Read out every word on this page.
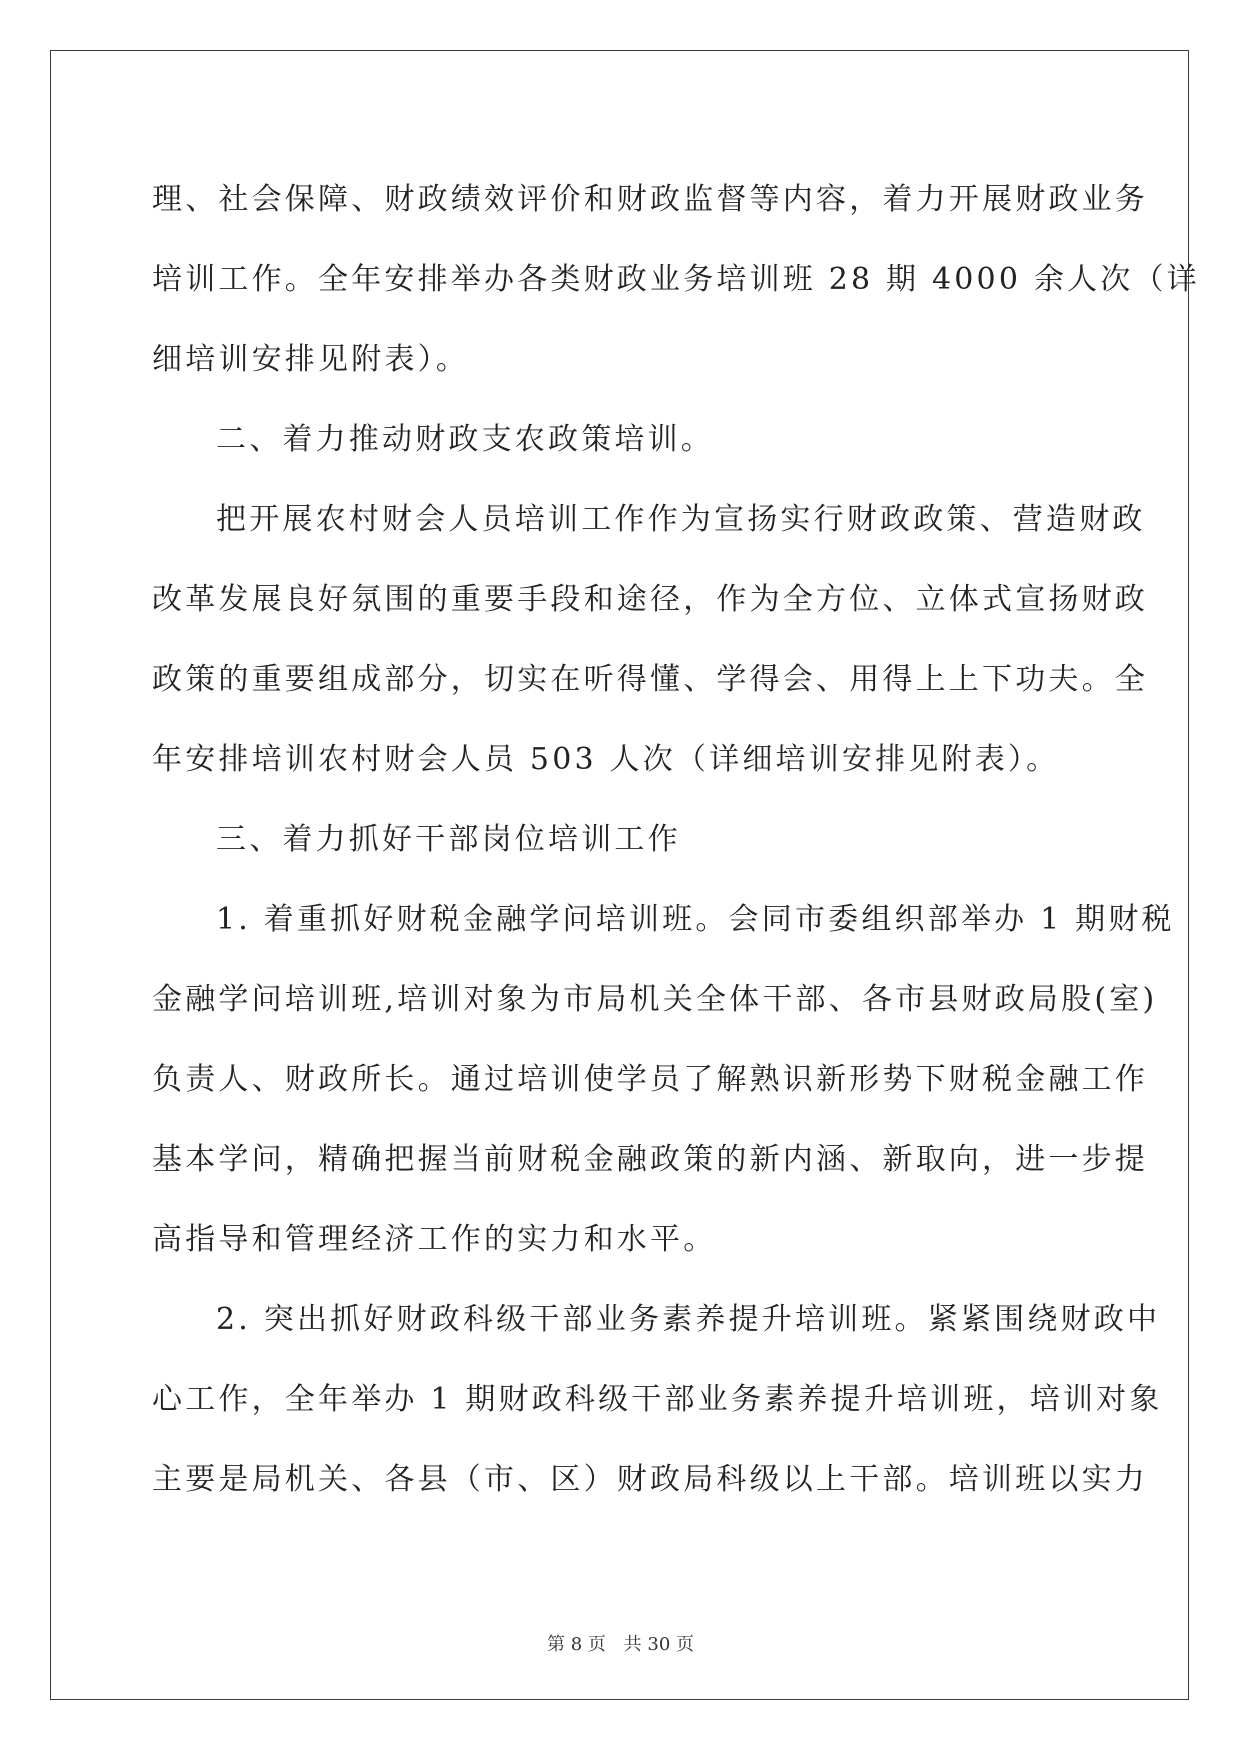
理、社会保障、财政绩效评价和财政监督等内容，着力开展财政业务
培训工作。全年安排举办各类财政业务培训班 28 期 4000 余人次（详
细培训安排见附表）。
二、着力推动财政支农政策培训。
把开展农村财会人员培训工作作为宣扬实行财政政策、营造财政
改革发展良好氛围的重要手段和途径，作为全方位、立体式宣扬财政
政策的重要组成部分，切实在听得懂、学得会、用得上上下功夫。全
年安排培训农村财会人员 503 人次（详细培训安排见附表）。
三、着力抓好干部岗位培训工作
1. 着重抓好财税金融学问培训班。会同市委组织部举办 1 期财税
金融学问培训班,培训对象为市局机关全体干部、各市县财政局股(室)
负责人、财政所长。通过培训使学员了解熟识新形势下财税金融工作
基本学问，精确把握当前财税金融政策的新内涵、新取向，进一步提
高指导和管理经济工作的实力和水平。
2. 突出抓好财政科级干部业务素养提升培训班。紧紧围绕财政中
心工作，全年举办 1 期财政科级干部业务素养提升培训班，培训对象
主要是局机关、各县（市、区）财政局科级以上干部。培训班以实力
第 8 页 共 30 页
